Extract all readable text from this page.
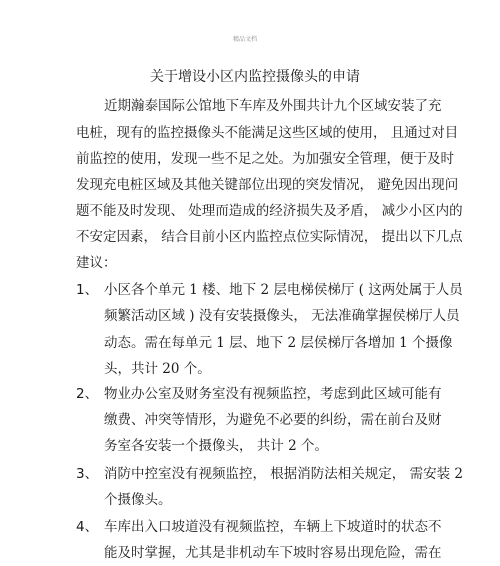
精品文档
关于增设小区内监控摄像头的申请
近期瀚泰国际公馆地下车库及外围共计九个区域安装了充
电桩，现有的监控摄像头不能满足这些区域的使用， 且通过对目
前监控的使用，发现一些不足之处。为加强安全管理，便于及时
发现充电桩区域及其他关键部位出现的突发情况， 避免因出现问
题不能及时发现、 处理而造成的经济损失及矛盾， 减少小区内的
不安定因素， 结合目前小区内监控点位实际情况， 提出以下几点
建议：
1、 小区各个单元 1 楼、地下 2 层电梯侯梯厅 ( 这两处属于人员
频繁活动区域 ) 没有安装摄像头， 无法准确掌握侯梯厅人员
动态。需在每单元 1 层、地下 2 层侯梯厅各增加 1 个摄像
头，共计 20 个。
2、 物业办公室及财务室没有视频监控，考虑到此区域可能有
缴费、冲突等情形，为避免不必要的纠纷，需在前台及财
务室各安装一个摄像头， 共计 2 个。
3、 消防中控室没有视频监控， 根据消防法相关规定， 需安装 2
个摄像头。
4、 车库出入口坡道没有视频监控，车辆上下坡道时的状态不
能及时掌握，尤其是非机动车下坡时容易出现危险，需在
